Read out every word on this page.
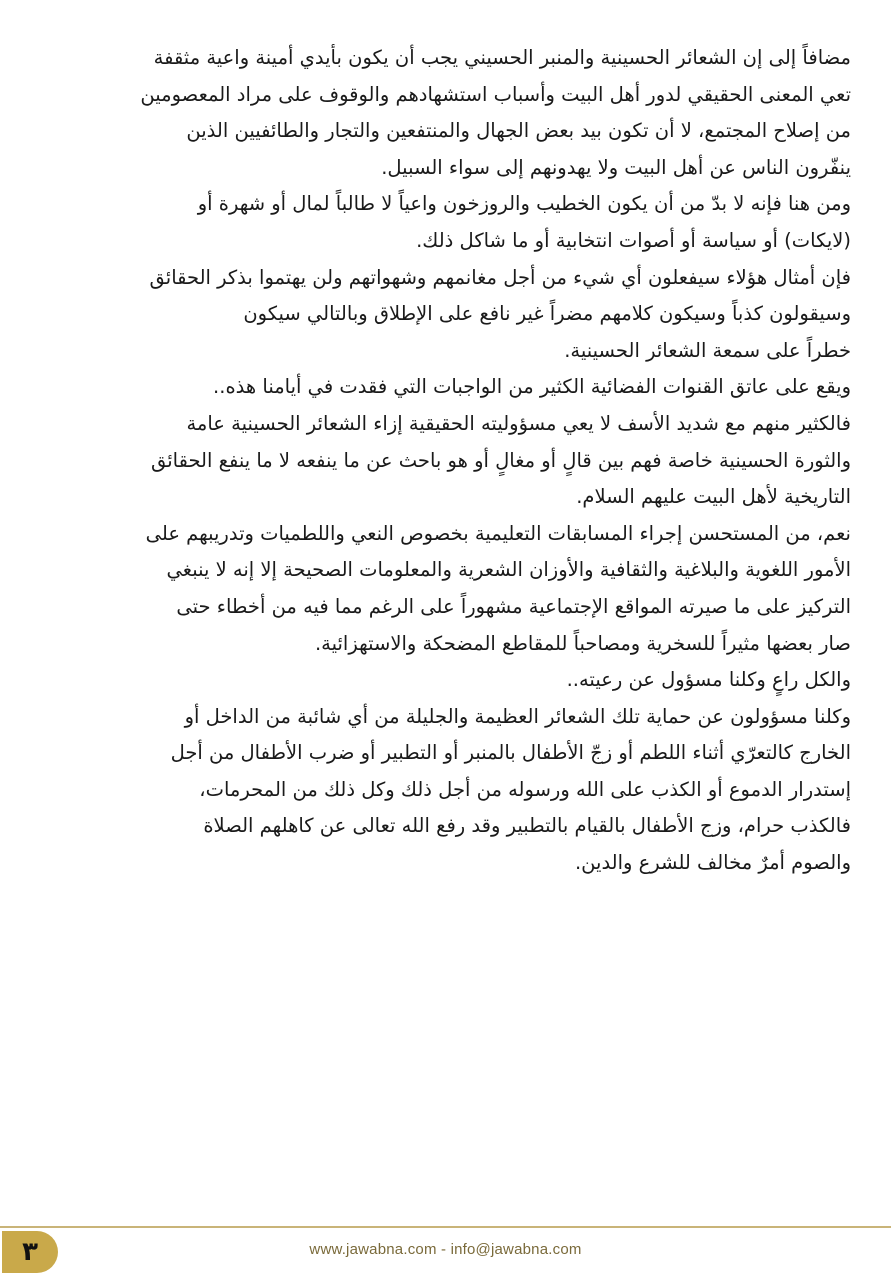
مضافاً إلى إن الشعائر الحسينية والمنبر الحسيني يجب أن يكون بأيدي أمينة واعية مثقفة
تعي المعنى الحقيقي لدور أهل البيت وأسباب استشهادهم والوقوف على مراد المعصومين
من إصلاح المجتمع، لا أن تكون بيد بعض الجهال والمنتفعين والتجار والطائفيين الذين
ينفّرون الناس عن أهل البيت ولا يهدونهم إلى سواء السبيل.
ومن هنا فإنه لا بدّ من أن يكون الخطيب والروزخون واعياً لا طالباً لمال أو شهرة أو
(لايكات) أو سياسة أو أصوات انتخابية أو ما شاكل ذلك.
فإن أمثال هؤلاء سيفعلون أي شيء من أجل مغانمهم وشهواتهم ولن يهتموا بذكر الحقائق
وسيقولون كذباً وسيكون كلامهم مضراً غير نافع على الإطلاق وبالتالي سيكون
خطراً على سمعة الشعائر الحسينية.
ويقع على عاتق القنوات الفضائية الكثير من الواجبات التي فقدت في أيامنا هذه..
فالكثير منهم مع شديد الأسف لا يعي مسؤوليته الحقيقية إزاء الشعائر الحسينية عامة
والثورة الحسينية خاصة فهم بين قالٍ أو مغالٍ أو هو باحث عن ما ينفعه لا ما ينفع الحقائق
التاريخية لأهل البيت عليهم السلام.
نعم، من المستحسن إجراء المسابقات التعليمية بخصوص النعي واللطميات وتدريبهم على
الأمور اللغوية والبلاغية والثقافية والأوزان الشعرية والمعلومات الصحيحة إلا إنه لا ينبغي
التركيز على ما صيرته المواقع الإجتماعية مشهوراً على الرغم مما فيه من أخطاء حتى
صار بعضها مثيراً للسخرية ومصاحباً للمقاطع المضحكة والاستهزائية.
والكل راعٍ وكلنا مسؤول عن رعيته..
وكلنا مسؤولون عن حماية تلك الشعائر العظيمة والجليلة من أي شائبة من الداخل أو
الخارج كالتعرّي أثناء اللطم أو زجّ الأطفال بالمنبر أو التطبير أو ضرب الأطفال من أجل
إستدرار الدموع أو الكذب على الله ورسوله من أجل ذلك وكل ذلك من المحرمات،
فالكذب حرام، وزج الأطفال بالقيام بالتطبير وقد رفع الله تعالى عن كاهلهم الصلاة
والصوم أمرٌ مخالف للشرع والدين.
٣	www.jawabna.com - info@jawabna.com
